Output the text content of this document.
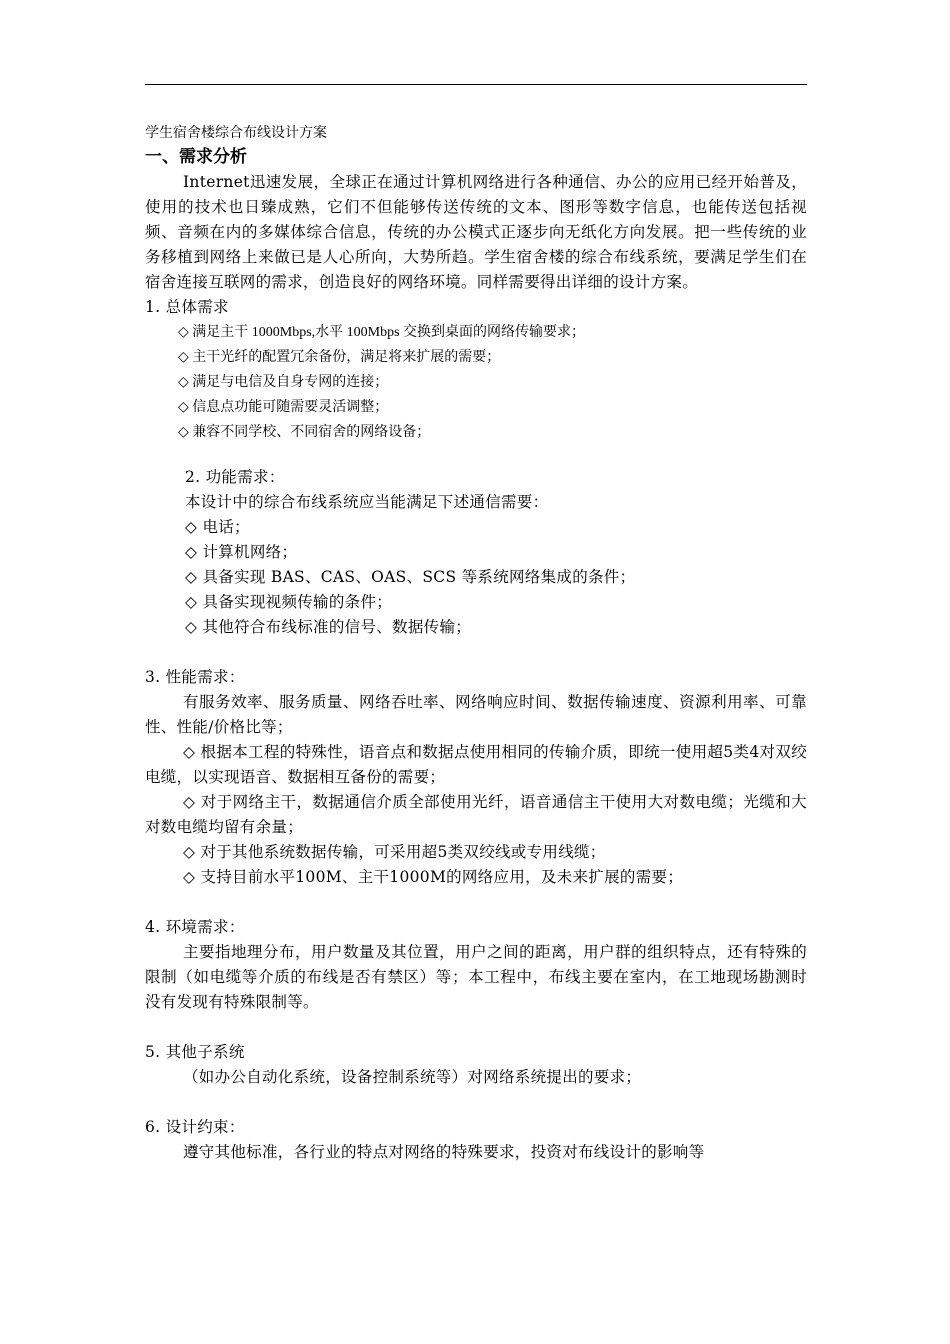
学生宿舍楼综合布线设计方案
一、需求分析
Internet迅速发展，全球正在通过计算机网络进行各种通信、办公的应用已经开始普及，使用的技术也日臻成熟，它们不但能够传送传统的文本、图形等数字信息，也能传送包括视频、音频在内的多媒体综合信息，传统的办公模式正逐步向无纸化方向发展。把一些传统的业务移植到网络上来做已是人心所向，大势所趋。学生宿舍楼的综合布线系统，要满足学生们在宿舍连接互联网的需求，创造良好的网络环境。同样需要得出详细的设计方案。
1. 总体需求
◇ 满足主干 1000Mbps,水平 100Mbps 交换到桌面的网络传输要求；
◇ 主干光纤的配置冗余备份，满足将来扩展的需要；
◇ 满足与电信及自身专网的连接；
◇ 信息点功能可随需要灵活调整；
◇ 兼容不同学校、不同宿舍的网络设备；
2. 功能需求：
本设计中的综合布线系统应当能满足下述通信需要：
◇ 电话；
◇ 计算机网络；
◇ 具备实现 BAS、CAS、OAS、SCS 等系统网络集成的条件；
◇ 具备实现视频传输的条件；
◇ 其他符合布线标准的信号、数据传输；
3. 性能需求：
有服务效率、服务质量、网络吞吐率、网络响应时间、数据传输速度、资源利用率、可靠性、性能/价格比等；
◇ 根据本工程的特殊性，语音点和数据点使用相同的传输介质，即统一使用超5类4对双绞电缆，以实现语音、数据相互备份的需要；
◇ 对于网络主干，数据通信介质全部使用光纤，语音通信主干使用大对数电缆；光缆和大对数电缆均留有余量；
◇ 对于其他系统数据传输，可采用超5类双绞线或专用线缆；
◇ 支持目前水平100M、主干1000M的网络应用，及未来扩展的需要；
4. 环境需求：
主要指地理分布，用户数量及其位置，用户之间的距离，用户群的组织特点，还有特殊的限制（如电缆等介质的布线是否有禁区）等；本工程中，布线主要在室内，在工地现场勘测时没有发现有特殊限制等。
5. 其他子系统
（如办公自动化系统，设备控制系统等）对网络系统提出的要求；
6. 设计约束：
遵守其他标准，各行业的特点对网络的特殊要求，投资对布线设计的影响等
